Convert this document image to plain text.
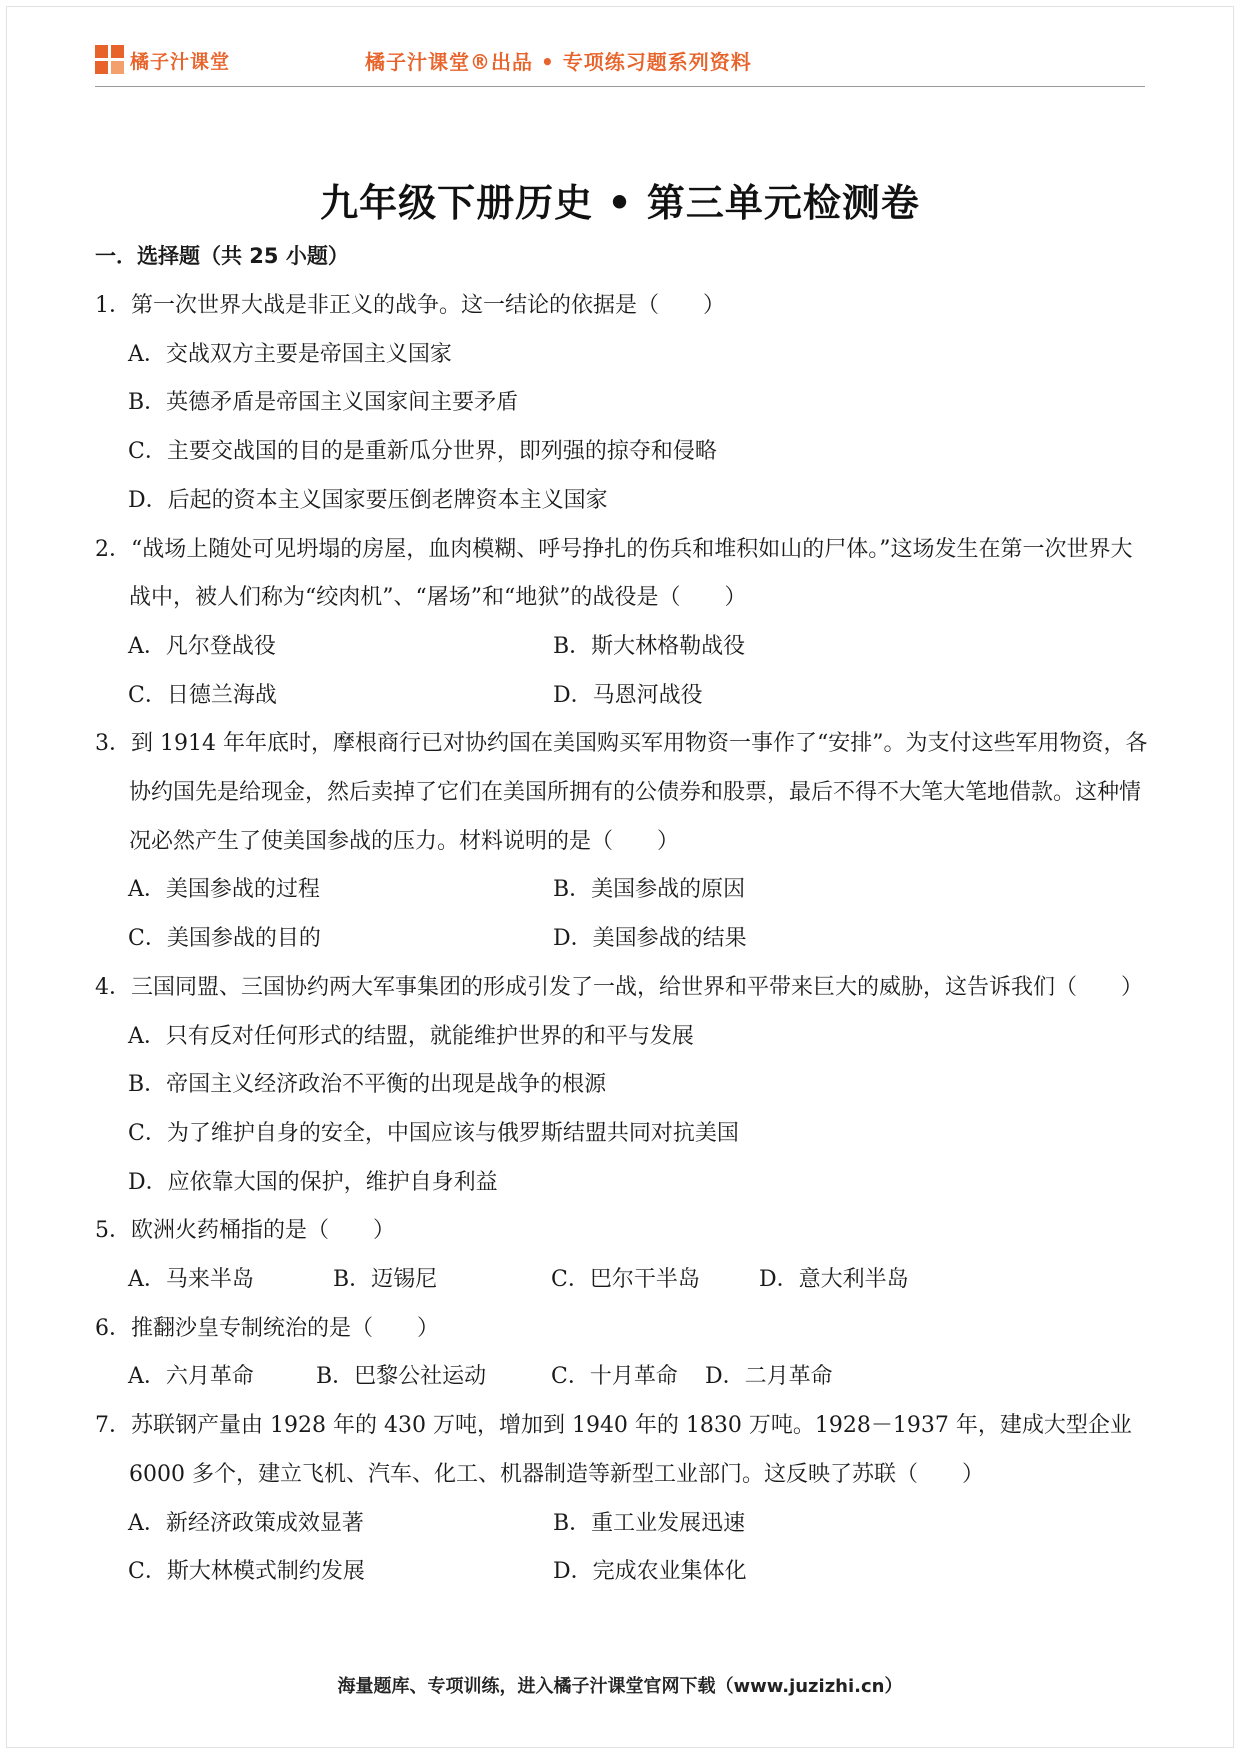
橘子汁课堂	橘子汁课堂®出品 • 专项练习题系列资料
九年级下册历史 • 第三单元检测卷
一．选择题（共 25 小题）
1．第一次世界大战是非正义的战争。这一结论的依据是（　　）
A．交战双方主要是帝国主义国家
B．英德矛盾是帝国主义国家间主要矛盾
C．主要交战国的目的是重新瓜分世界，即列强的掠夺和侵略
D．后起的资本主义国家要压倒老牌资本主义国家
2．“战场上随处可见坍塌的房屋，血肉模糊、呼号挣扎的伤兵和堆积如山的尸体。”这场发生在第一次世界大战中，被人们称为“绞肉机”、“屠场”和“地狱”的战役是（　　）
A．凡尔登战役	B．斯大林格勒战役
C．日德兰海战	D．马恩河战役
3．到 1914 年年底时，摩根商行已对协约国在美国购买军用物资一事作了“安排”。为支付这些军用物资，各协约国先是给现金，然后卖掉了它们在美国所拥有的公债券和股票，最后不得不大笔大笔地借款。这种情况必然产生了使美国参战的压力。材料说明的是（　　）
A．美国参战的过程	B．美国参战的原因
C．美国参战的目的	D．美国参战的结果
4．三国同盟、三国协约两大军事集团的形成引发了一战，给世界和平带来巨大的威胁，这告诉我们（　　）
A．只有反对任何形式的结盟，就能维护世界的和平与发展
B．帝国主义经济政治不平衡的出现是战争的根源
C．为了维护自身的安全，中国应该与俄罗斯结盟共同对抗美国
D．应依靠大国的保护，维护自身利益
5．欧洲火药桶指的是（　　）
A．马来半岛	B．迈锡尼	C．巴尔干半岛	D．意大利半岛
6．推翻沙皇专制统治的是（　　）
A．六月革命	B．巴黎公社运动	C．十月革命	D．二月革命
7．苏联钢产量由 1928 年的 430 万吨，增加到 1940 年的 1830 万吨。1928－1937 年，建成大型企业 6000 多个，建立飞机、汽车、化工、机器制造等新型工业部门。这反映了苏联（　　）
A．新经济政策成效显著	B．重工业发展迅速
C．斯大林模式制约发展	D．完成农业集体化
海量题库、专项训练，进入橘子汁课堂官网下载（www.juzizhi.cn）
